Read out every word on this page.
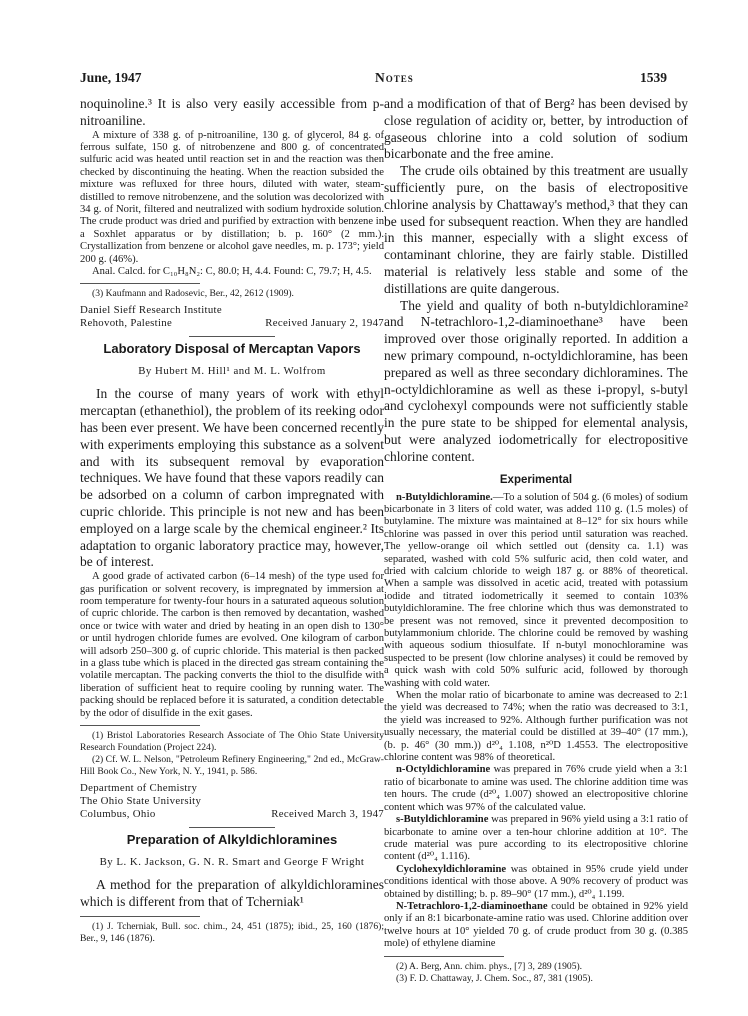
June, 1947	Notes	1539

noquinoline.³ It is also very easily accessible from p-nitroaniline.

A mixture of 338 g. of p-nitroaniline, 130 g. of glycerol, 84 g. of ferrous sulfate, 150 g. of nitrobenzene and 800 g. of concentrated sulfuric acid was heated until reaction set in and the reaction was then checked by discontinuing the heating. When the reaction subsided the mixture was refluxed for three hours, diluted with water, steam-distilled to remove nitrobenzene, and the solution was decolorized with 34 g. of Norit, filtered and neutralized with sodium hydroxide solution. The crude product was dried and purified by extraction with benzene in a Soxhlet apparatus or by distillation; b. p. 160° (2 mm.). Crystallization from benzene or alcohol gave needles, m. p. 173°; yield 200 g. (46%).

Anal. Calcd. for C₁₀H₈N₂: C, 80.0; H, 4.4. Found: C, 79.7; H, 4.5.

(3) Kaufmann and Radosevic, Ber., 42, 2612 (1909).

Daniel Sieff Research Institute
Rehovoth, Palestine	Received January 2, 1947
Laboratory Disposal of Mercaptan Vapors
By Hubert M. Hill¹ and M. L. Wolfrom

In the course of many years of work with ethyl mercaptan (ethanethiol), the problem of its reeking odor has been ever present. We have been concerned recently with experiments employing this substance as a solvent and with its subsequent removal by evaporation techniques. We have found that these vapors readily can be adsorbed on a column of carbon impregnated with cupric chloride. This principle is not new and has been employed on a large scale by the chemical engineer.² Its adaptation to organic laboratory practice may, however, be of interest.

A good grade of activated carbon (6–14 mesh) of the type used for gas purification or solvent recovery, is impregnated by immersion at room temperature for twenty-four hours in a saturated aqueous solution of cupric chloride. The carbon is then removed by decantation, washed once or twice with water and dried by heating in an open dish to 130° or until hydrogen chloride fumes are evolved. One kilogram of carbon will adsorb 250–300 g. of cupric chloride. This material is then packed in a glass tube which is placed in the directed gas stream containing the volatile mercaptan. The packing converts the thiol to the disulfide with liberation of sufficient heat to require cooling by running water. The packing should be replaced before it is saturated, a condition detectable by the odor of disulfide in the exit gases.

(1) Bristol Laboratories Research Associate of The Ohio State University Research Foundation (Project 224).

(2) Cf. W. L. Nelson, "Petroleum Refinery Engineering," 2nd ed., McGraw-Hill Book Co., New York, N. Y., 1941, p. 586.

Department of Chemistry
The Ohio State University
Columbus, Ohio	Received March 3, 1947
Preparation of Alkyldichloramines
By L. K. Jackson, G. N. R. Smart and George F Wright

A method for the preparation of alkyldichloramines which is different from that of Tcherniak¹

(1) J. Tcherniak, Bull. soc. chim., 24, 451 (1875); ibid., 25, 160 (1876); Ber., 9, 146 (1876).

and a modification of that of Berg² has been devised by close regulation of acidity or, better, by introduction of gaseous chlorine into a cold solution of sodium bicarbonate and the free amine.

The crude oils obtained by this treatment are usually sufficiently pure, on the basis of electropositive chlorine analysis by Chattaway's method,³ that they can be used for subsequent reaction. When they are handled in this manner, especially with a slight excess of contaminant chlorine, they are fairly stable. Distilled material is relatively less stable and some of the distillations are quite dangerous.

The yield and quality of both n-butyldichloramine² and N-tetrachloro-1,2-diaminoethane³ have been improved over those originally reported. In addition a new primary compound, n-octyldichloramine, has been prepared as well as three secondary dichloramines. The n-octyldichloramine as well as these i-propyl, s-butyl and cyclohexyl compounds were not sufficiently stable in the pure state to be shipped for elemental analysis, but were analyzed iodometrically for electropositive chlorine content.

Experimental

n-Butyldichloramine.—To a solution of 504 g. (6 moles) of sodium bicarbonate in 3 liters of cold water, was added 110 g. (1.5 moles) of butylamine. The mixture was maintained at 8–12° for six hours while chlorine was passed in over this period until saturation was reached. The yellow-orange oil which settled out (density ca. 1.1) was separated, washed with cold 5% sulfuric acid, then cold water, and dried with calcium chloride to weigh 187 g. or 88% of theoretical. When a sample was dissolved in acetic acid, treated with potassium iodide and titrated iodometrically it seemed to contain 103% butyldichloramine. The free chlorine which thus was demonstrated to be present was not removed, since it prevented decomposition to butylammonium chloride. The chlorine could be removed by washing with aqueous sodium thiosulfate. If n-butyl monochloramine was suspected to be present (low chlorine analyses) it could be removed by a quick wash with cold 50% sulfuric acid, followed by thorough washing with cold water.

When the molar ratio of bicarbonate to amine was decreased to 2:1 the yield was decreased to 74%; when the ratio was decreased to 3:1, the yield was increased to 92%. Although further purification was not usually necessary, the material could be distilled at 39–40° (17 mm.), (b. p. 46° (30 mm.)) d²⁰₄ 1.108, n²⁰D 1.4553. The electropositive chlorine content was 98% of theoretical.

n-Octyldichloramine was prepared in 76% crude yield when a 3:1 ratio of bicarbonate to amine was used. The chlorine addition time was ten hours. The crude (d²⁰₄ 1.007) showed an electropositive chlorine content which was 97% of the calculated value.

s-Butyldichloramine was prepared in 96% yield using a 3:1 ratio of bicarbonate to amine over a ten-hour chlorine addition at 10°. The crude material was pure according to its electropositive chlorine content (d²⁰₄ 1.116).

Cyclohexyldichloramine was obtained in 95% crude yield under conditions identical with those above. A 90% recovery of product was obtained by distilling; b. p. 89–90° (17 mm.), d²⁰₄ 1.199.

N-Tetrachloro-1,2-diaminoethane could be obtained in 92% yield only if an 8:1 bicarbonate-amine ratio was used. Chlorine addition over twelve hours at 10° yielded 70 g. of crude product from 30 g. (0.385 mole) of ethylene diamine

(2) A. Berg, Ann. chim. phys., [7] 3, 289 (1905).

(3) F. D. Chattaway, J. Chem. Soc., 87, 381 (1905).
